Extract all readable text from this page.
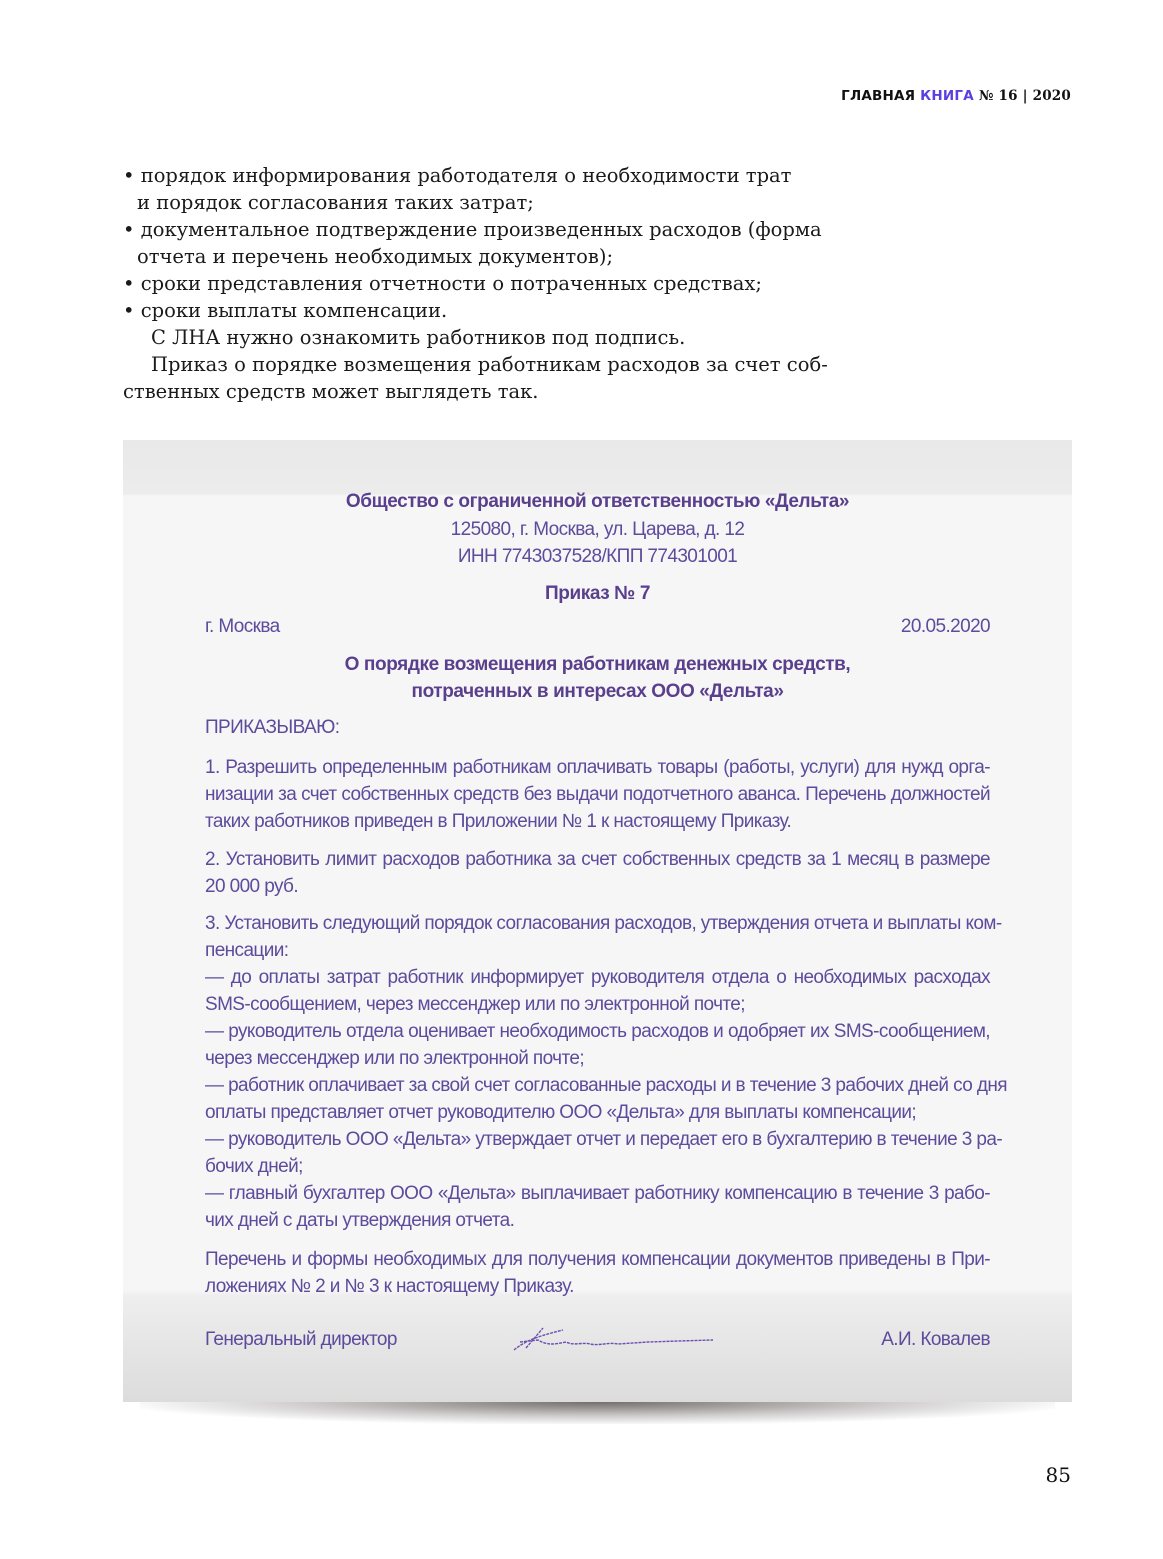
ГЛАВНАЯ КНИГА № 16 | 2020
• порядок информирования работодателя о необходимости трат
и порядок согласования таких затрат;
• документальное подтверждение произведенных расходов (форма
отчета и перечень необходимых документов);
• сроки представления отчетности о потраченных средствах;
• сроки выплаты компенсации.
С ЛНА нужно ознакомить работников под подпись.
Приказ о порядке возмещения работникам расходов за счет соб-
ственных средств может выглядеть так.
Общество с ограниченной ответственностью «Дельта»
125080, г. Москва, ул. Царева, д. 12
ИНН 7743037528/КПП 774301001
Приказ № 7
г. Москва	20.05.2020
О порядке возмещения работникам денежных средств,
потраченных в интересах ООО «Дельта»
ПРИКАЗЫВАЮ:
1. Разрешить определенным работникам оплачивать товары (работы, услуги) для нужд орга-
низации за счет собственных средств без выдачи подотчетного аванса. Перечень должностей
таких работников приведен в Приложении № 1 к настоящему Приказу.
2. Установить лимит расходов работника за счет собственных средств за 1 месяц в размере
20 000 руб.
3. Установить следующий порядок согласования расходов, утверждения отчета и выплаты ком-
пенсации:
— до оплаты затрат работник информирует руководителя отдела о необходимых расходах
SMS-сообщением, через мессенджер или по электронной почте;
— руководитель отдела оценивает необходимость расходов и одобряет их SMS-сообщением,
через мессенджер или по электронной почте;
— работник оплачивает за свой счет согласованные расходы и в течение 3 рабочих дней со дня
оплаты представляет отчет руководителю ООО «Дельта» для выплаты компенсации;
— руководитель ООО «Дельта» утверждает отчет и передает его в бухгалтерию в течение 3 ра-
бочих дней;
— главный бухгалтер ООО «Дельта» выплачивает работнику компенсацию в течение 3 рабо-
чих дней с даты утверждения отчета.
Перечень и формы необходимых для получения компенсации документов приведены в При-
ложениях № 2 и № 3 к настоящему Приказу.
Генеральный директор	А.И. Ковалев
85
